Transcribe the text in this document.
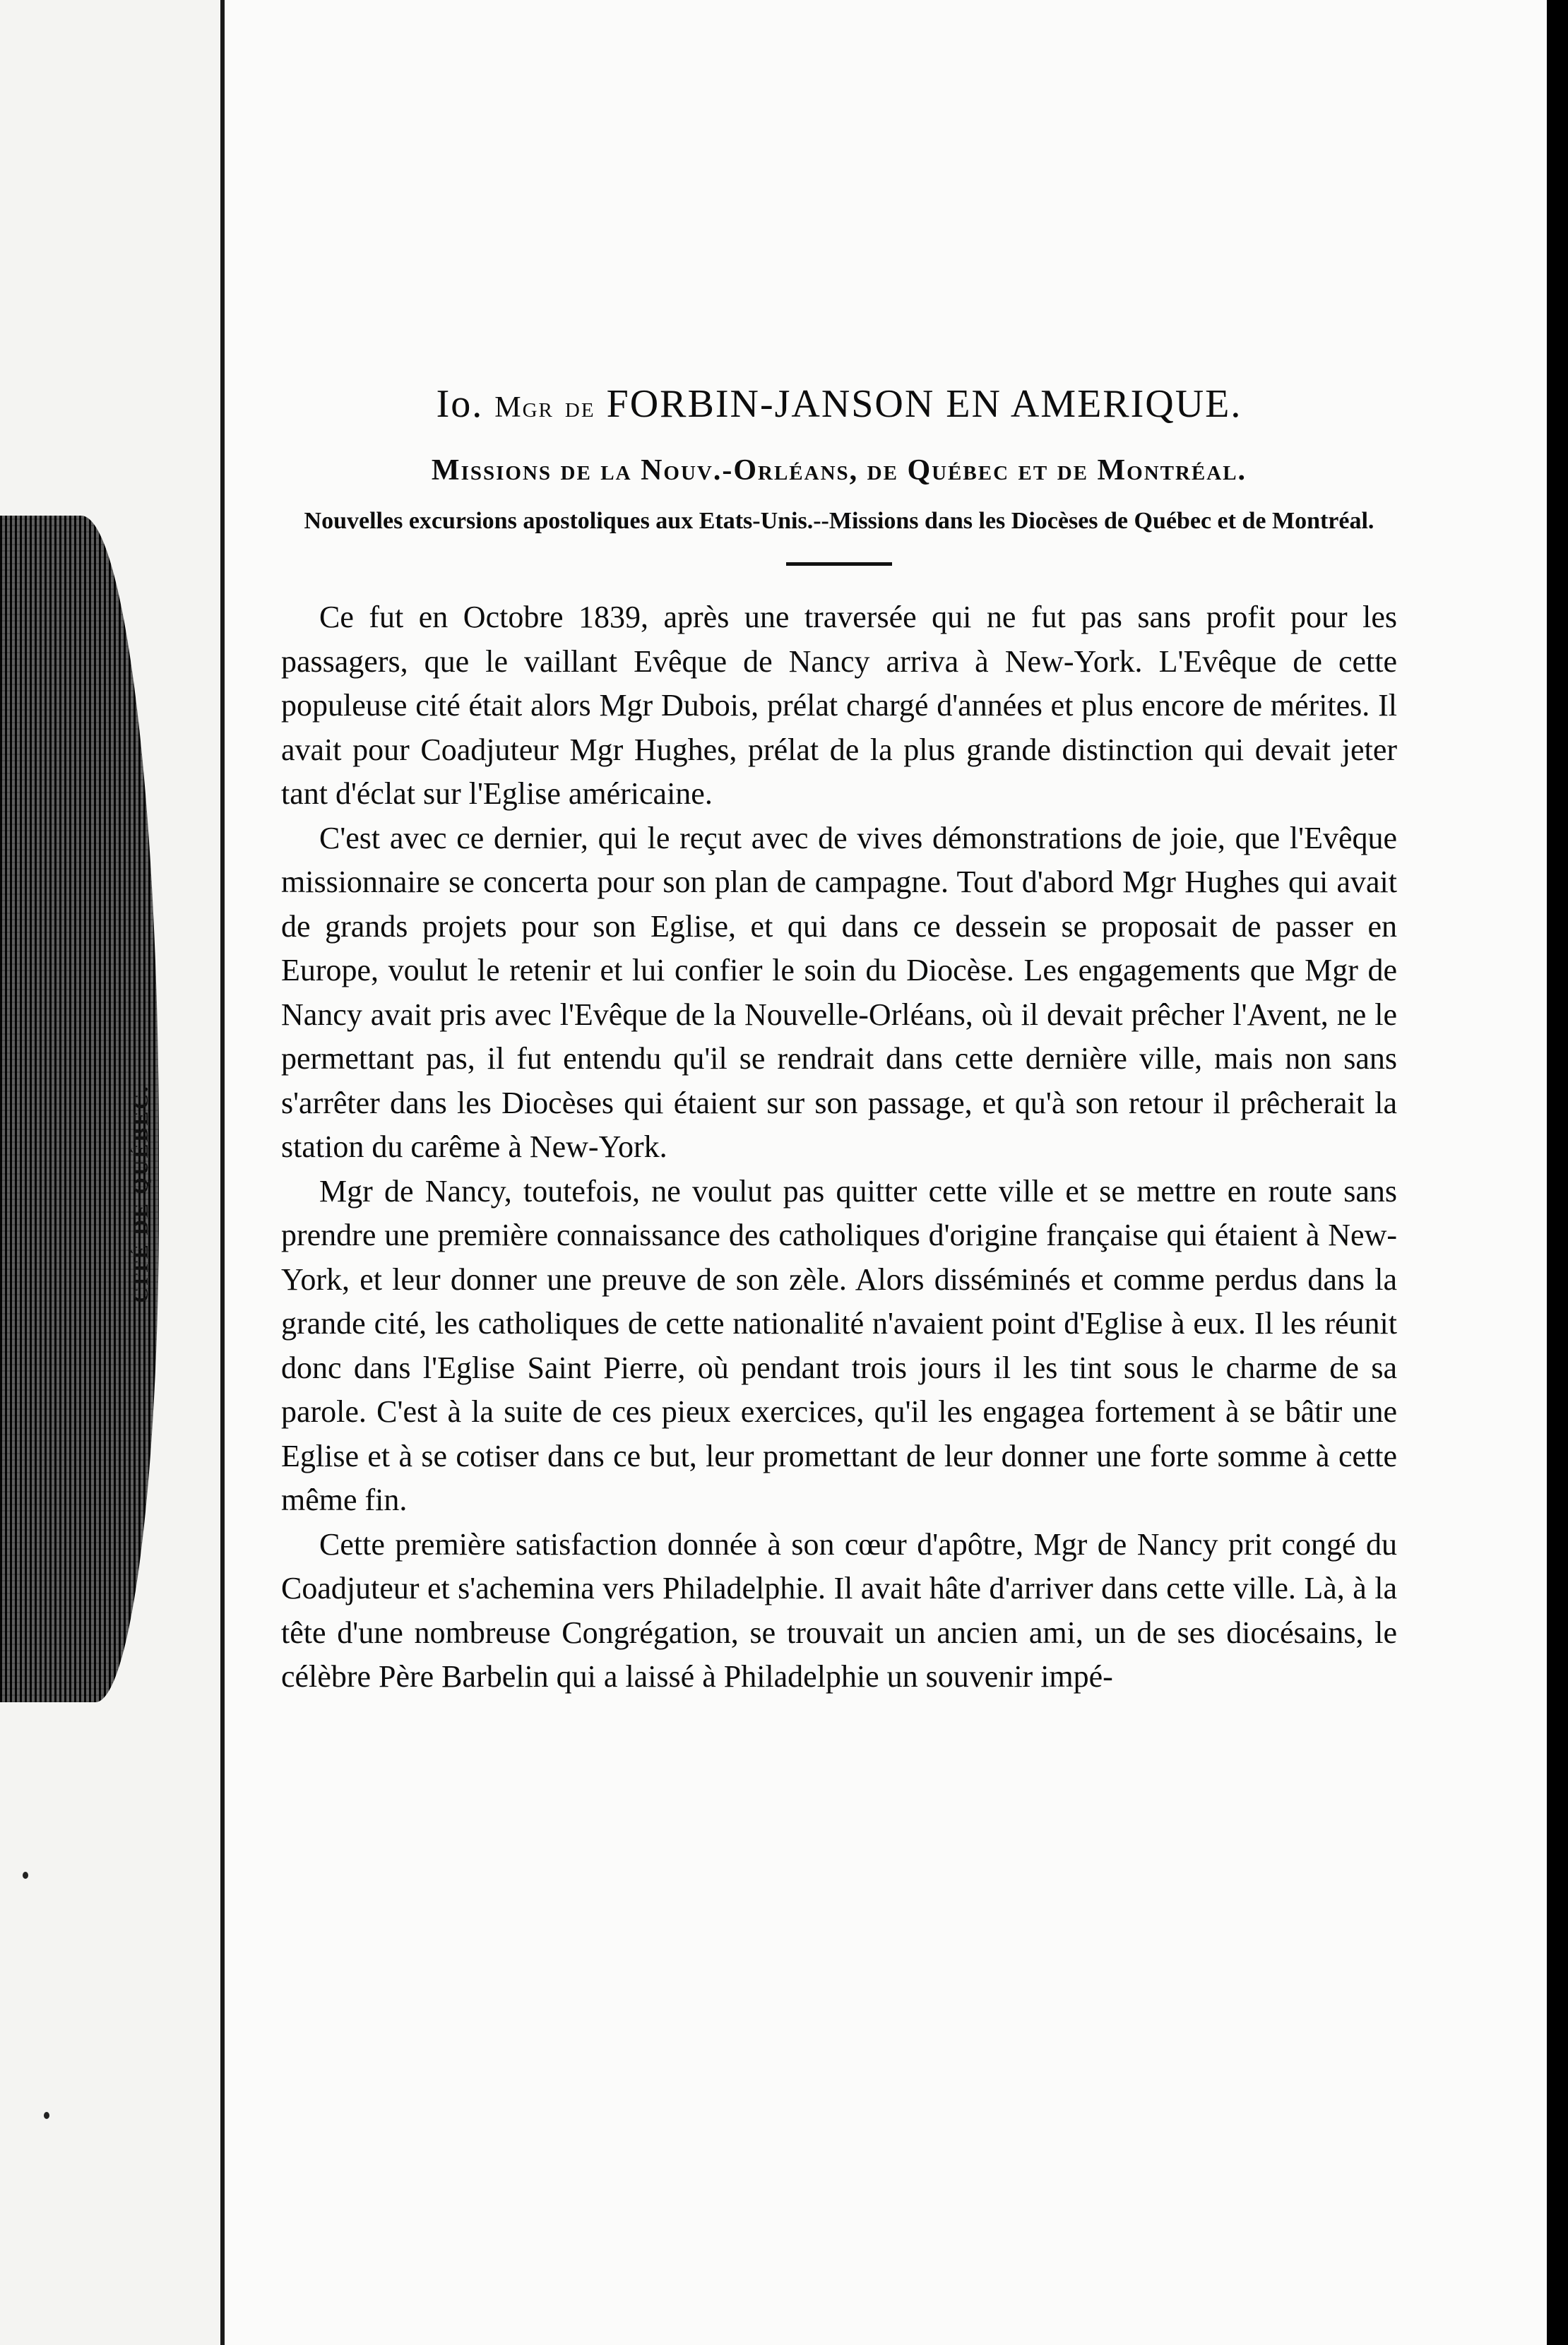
CITÉ DE QUÉBEC.
Io. Mgr de FORBIN-JANSON EN AMERIQUE.
Missions de la Nouv.-Orléans, de Québec et de Montréal.
Nouvelles excursions apostoliques aux Etats-Unis.--Missions dans les Diocèses de Québec et de Montréal.

Ce fut en Octobre 1839, après une traversée qui ne fut pas sans profit pour les passagers, que le vaillant Evêque de Nancy arriva à New-York. L'Evêque de cette populeuse cité était alors Mgr Dubois, prélat chargé d'années et plus encore de mérites. Il avait pour Coadjuteur Mgr Hughes, prélat de la plus grande distinction qui devait jeter tant d'éclat sur l'Eglise américaine.

C'est avec ce dernier, qui le reçut avec de vives démonstrations de joie, que l'Evêque missionnaire se concerta pour son plan de campagne. Tout d'abord Mgr Hughes qui avait de grands projets pour son Eglise, et qui dans ce dessein se proposait de passer en Europe, voulut le retenir et lui confier le soin du Diocèse. Les engagements que Mgr de Nancy avait pris avec l'Evêque de la Nouvelle-Orléans, où il devait prêcher l'Avent, ne le permettant pas, il fut entendu qu'il se rendrait dans cette dernière ville, mais non sans s'arrêter dans les Diocèses qui étaient sur son passage, et qu'à son retour il prêcherait la station du carême à New-York.

Mgr de Nancy, toutefois, ne voulut pas quitter cette ville et se mettre en route sans prendre une première connaissance des catholiques d'origine française qui étaient à New-York, et leur donner une preuve de son zèle. Alors disséminés et comme perdus dans la grande cité, les catholiques de cette nationalité n'avaient point d'Eglise à eux. Il les réunit donc dans l'Eglise Saint Pierre, où pendant trois jours il les tint sous le charme de sa parole. C'est à la suite de ces pieux exercices, qu'il les engagea fortement à se bâtir une Eglise et à se cotiser dans ce but, leur promettant de leur donner une forte somme à cette même fin.

Cette première satisfaction donnée à son cœur d'apôtre, Mgr de Nancy prit congé du Coadjuteur et s'achemina vers Philadelphie. Il avait hâte d'arriver dans cette ville. Là, à la tête d'une nombreuse Congrégation, se trouvait un ancien ami, un de ses diocésains, le célèbre Père Barbelin qui a laissé à Philadelphie un souvenir impé-
